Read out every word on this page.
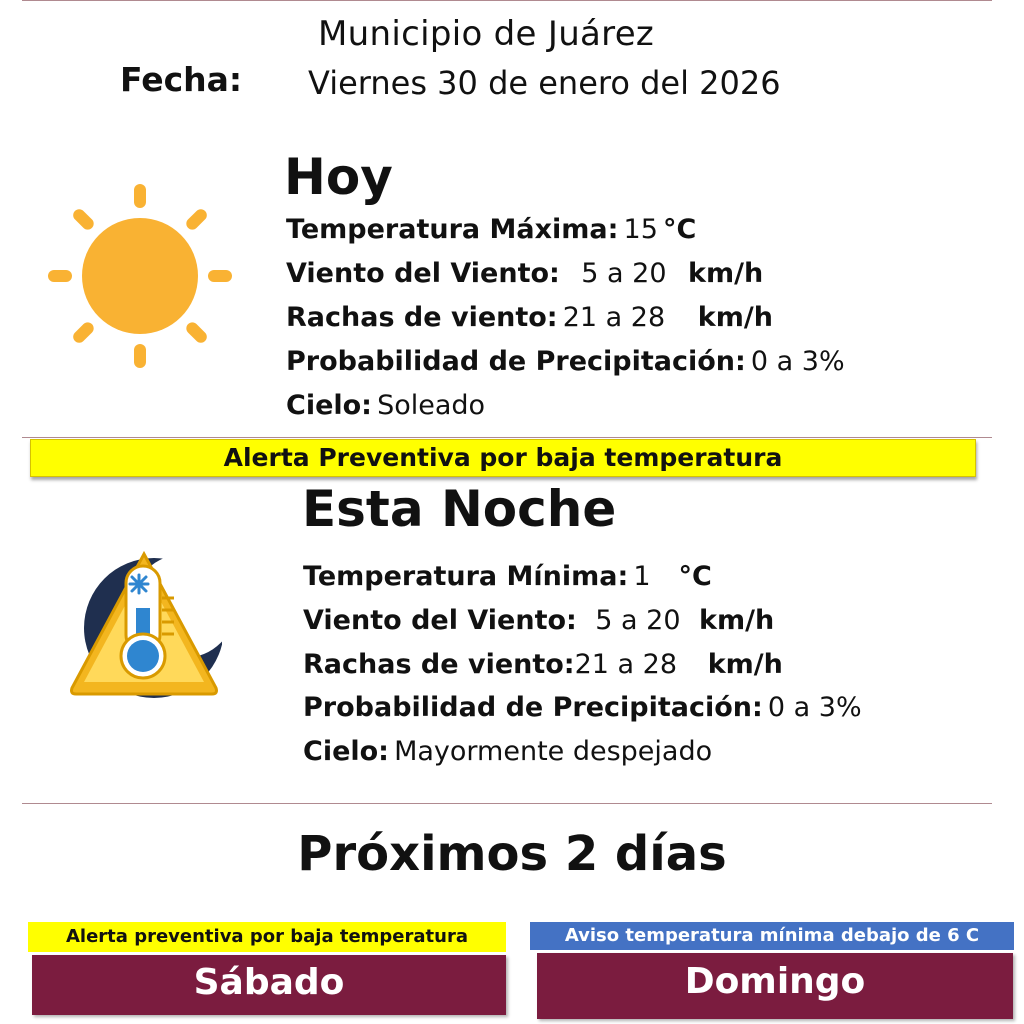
Municipio de Juárez
Fecha: Viernes 30 de enero del 2026
Hoy
Temperatura Máxima: 15 °C
Viento del Viento: 5 a 20 km/h
Rachas de viento: 21 a 28 km/h
Probabilidad de Precipitación: 0 a 3%
Cielo: Soleado
Alerta Preventiva por baja temperatura
Esta Noche
Temperatura Mínima: 1 °C
Viento del Viento: 5 a 20 km/h
Rachas de viento:21 a 28 km/h
Probabilidad de Precipitación: 0 a 3%
Cielo: Mayormente despejado
Próximos 2 días
Alerta preventiva por baja temperatura
Sábado
Aviso temperatura mínima debajo de 6 C
Domingo
